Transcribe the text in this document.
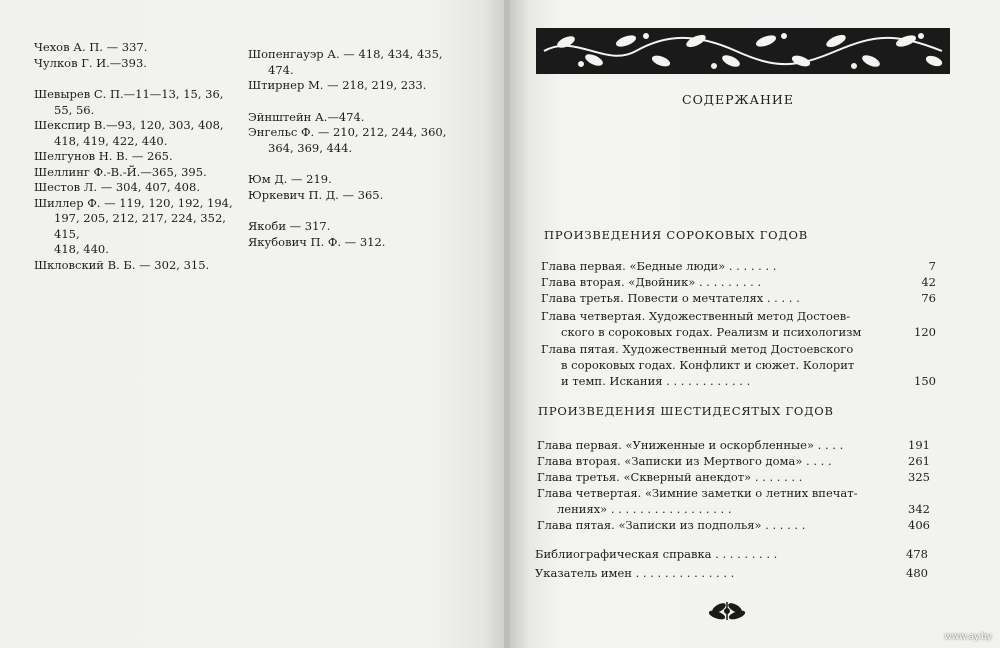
Чехов А. П. — 337.
Чулков Г. И.—393.
Шевырев С. П.—11—13, 15, 36,
55, 56.
Шекспир В.—93, 120, 303, 408,
418, 419, 422, 440.
Шелгунов Н. В. — 265.
Шеллинг Ф.-В.-Й.—365, 395.
Шестов Л. — 304, 407, 408.
Шиллер Ф. — 119, 120, 192, 194,
197, 205, 212, 217, 224, 352, 415,
418, 440.
Шкловский В. Б. — 302, 315.
Шопенгауэр А. — 418, 434, 435,
474.
Штирнер М. — 218, 219, 233.
Эйнштейн А.—474.
Энгельс Ф. — 210, 212, 244, 360,
364, 369, 444.
Юм Д. — 219.
Юркевич П. Д. — 365.
Якоби — 317.
Якубович П. Ф. — 312.
СОДЕРЖАНИЕ
ПРОИЗВЕДЕНИЯ СОРОКОВЫХ ГОДОВ
Глава первая. «Бедные люди» . . . . . . .	7
Глава вторая. «Двойник» . . . . . . . . .	42
Глава третья. Повести о мечтателях . . . . .	76
Глава четвертая. Художественный метод Достоев-
ского в сороковых годах. Реализм и психологизм	120
Глава пятая. Художественный метод Достоевского
в сороковых годах. Конфликт и сюжет. Колорит
и темп. Искания . . . . . . . . . . . .	150
ПРОИЗВЕДЕНИЯ ШЕСТИДЕСЯТЫХ ГОДОВ
Глава первая. «Униженные и оскорбленные» . . . .	191
Глава вторая. «Записки из Мертвого дома» . . . .	261
Глава третья. «Скверный анекдот» . . . . . . .	325
Глава четвертая. «Зимние заметки о летних впечат-
лениях» . . . . . . . . . . . . . . . . .	342
Глава пятая. «Записки из подполья» . . . . . .	406
Библиографическая справка . . . . . . . . .	478
Указатель имен . . . . . . . . . . . . . .	480
www.ay.by
